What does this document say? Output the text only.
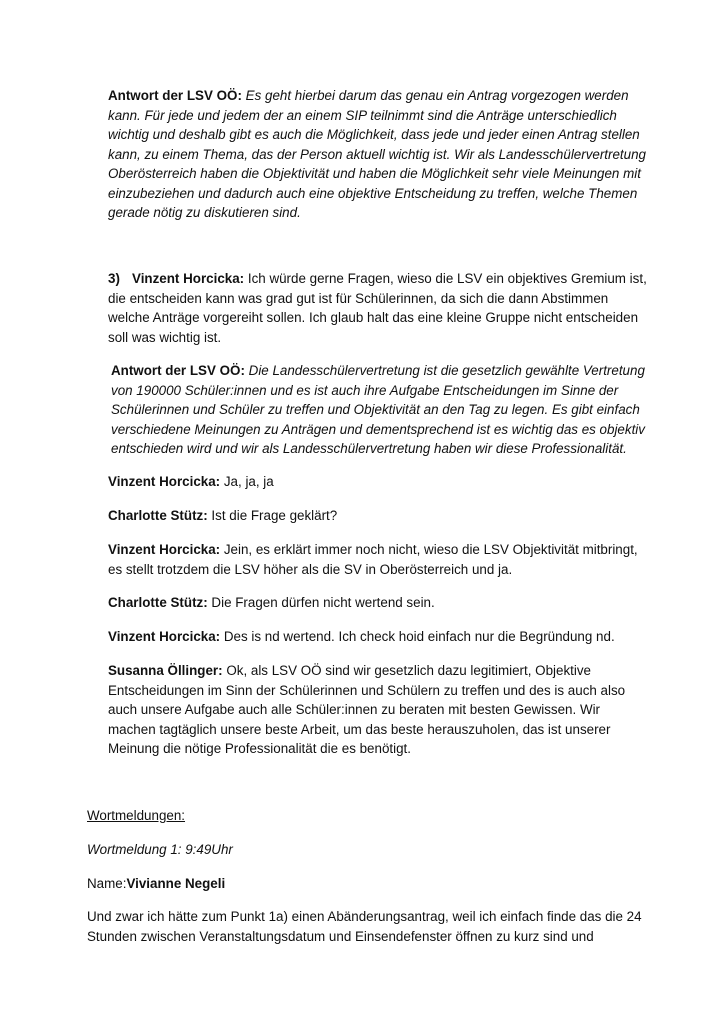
Antwort der LSV OÖ: Es geht hierbei darum das genau ein Antrag vorgezogen werden kann. Für jede und jedem der an einem SIP teilnimmt sind die Anträge unterschiedlich wichtig und deshalb gibt es auch die Möglichkeit, dass jede und jeder einen Antrag stellen kann, zu einem Thema, das der Person aktuell wichtig ist. Wir als Landesschülervertretung Oberösterreich haben die Objektivität und haben die Möglichkeit sehr viele Meinungen mit einzubeziehen und dadurch auch eine objektive Entscheidung zu treffen, welche Themen gerade nötig zu diskutieren sind.

3) Vinzent Horcicka: Ich würde gerne Fragen, wieso die LSV ein objektives Gremium ist, die entscheiden kann was grad gut ist für Schülerinnen, da sich die dann Abstimmen welche Anträge vorgereiht sollen. Ich glaub halt das eine kleine Gruppe nicht entscheiden soll was wichtig ist.

Antwort der LSV OÖ: Die Landesschülervertretung ist die gesetzlich gewählte Vertretung von 190000 Schüler:innen und es ist auch ihre Aufgabe Entscheidungen im Sinne der Schülerinnen und Schüler zu treffen und Objektivität an den Tag zu legen. Es gibt einfach verschiedene Meinungen zu Anträgen und dementsprechend ist es wichtig das es objektiv entschieden wird und wir als Landesschülervertretung haben wir diese Professionalität.

Vinzent Horcicka: Ja, ja, ja

Charlotte Stütz: Ist die Frage geklärt?

Vinzent Horcicka: Jein, es erklärt immer noch nicht, wieso die LSV Objektivität mitbringt, es stellt trotzdem die LSV höher als die SV in Oberösterreich und ja.

Charlotte Stütz: Die Fragen dürfen nicht wertend sein.

Vinzent Horcicka: Des is nd wertend. Ich check hoid einfach nur die Begründung nd.

Susanna Öllinger: Ok, als LSV OÖ sind wir gesetzlich dazu legitimiert, Objektive Entscheidungen im Sinn der Schülerinnen und Schülern zu treffen und des is auch also auch unsere Aufgabe auch alle Schüler:innen zu beraten mit besten Gewissen. Wir machen tagtäglich unsere beste Arbeit, um das beste herauszuholen, das ist unserer Meinung die nötige Professionalität die es benötigt.

Wortmeldungen:

Wortmeldung 1: 9:49Uhr

Name:Vivianne Negeli

Und zwar ich hätte zum Punkt 1a) einen Abänderungsantrag, weil ich einfach finde das die 24 Stunden zwischen Veranstaltungsdatum und Einsendefenster öffnen zu kurz sind und
